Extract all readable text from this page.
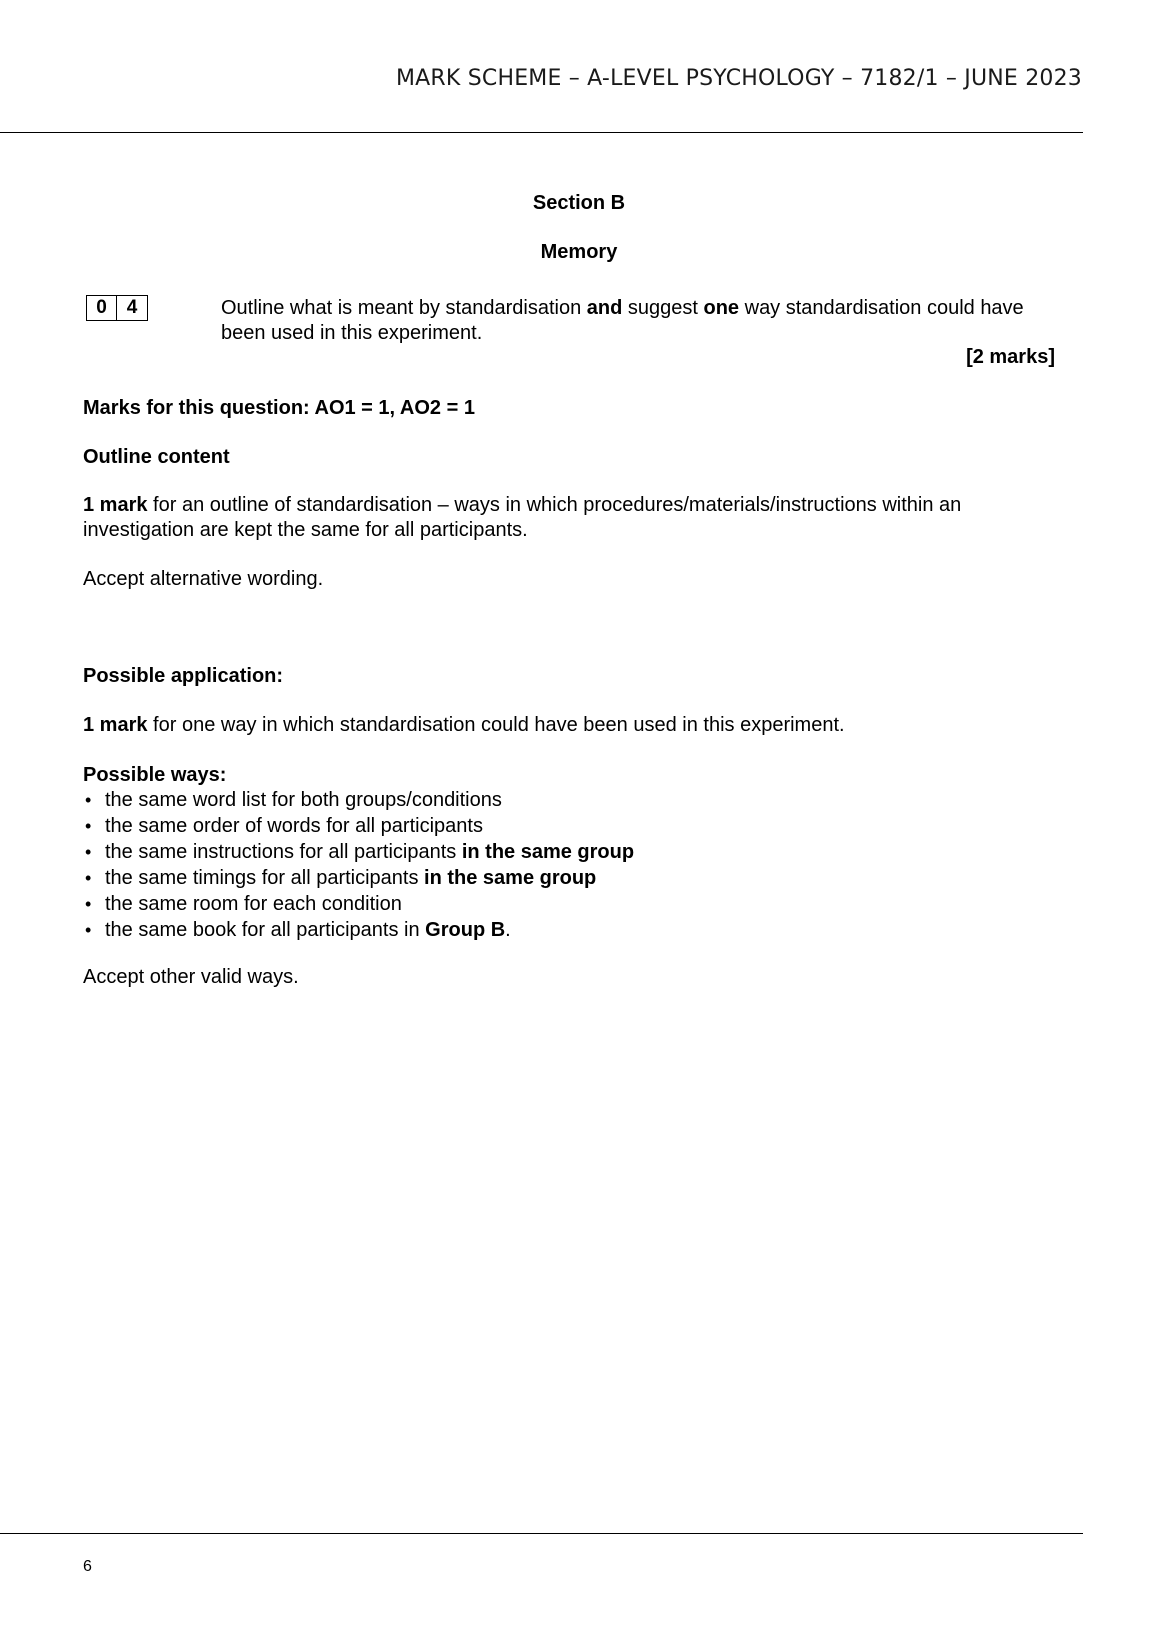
MARK SCHEME – A-LEVEL PSYCHOLOGY – 7182/1 – JUNE 2023
Section B
Memory
0	4	Outline what is meant by standardisation and suggest one way standardisation could have been used in this experiment.
[2 marks]
Marks for this question: AO1 = 1, AO2 = 1
Outline content
1 mark for an outline of standardisation – ways in which procedures/materials/instructions within an investigation are kept the same for all participants.
Accept alternative wording.
Possible application:
1 mark for one way in which standardisation could have been used in this experiment.
Possible ways:
• the same word list for both groups/conditions
• the same order of words for all participants
• the same instructions for all participants in the same group
• the same timings for all participants in the same group
• the same room for each condition
• the same book for all participants in Group B.
Accept other valid ways.
6
